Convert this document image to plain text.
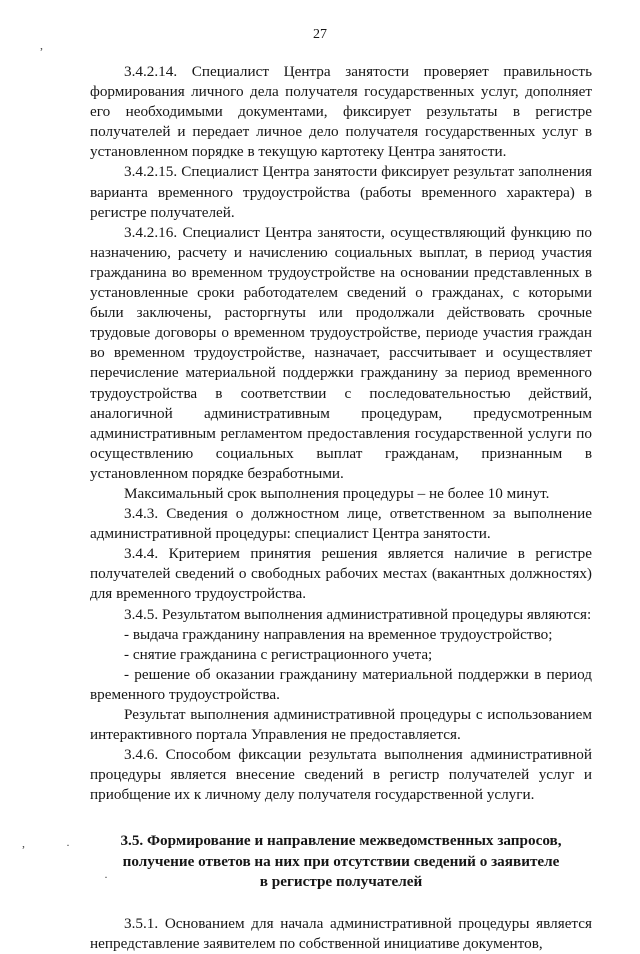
27

3.4.2.14. Специалист Центра занятости проверяет правильность формирования личного дела получателя государственных услуг, дополняет его необходимыми документами, фиксирует результаты в регистре получателей и передает личное дело получателя государственных услуг в установленном порядке в текущую картотеку Центра занятости.

3.4.2.15. Специалист Центра занятости фиксирует результат заполнения варианта временного трудоустройства (работы временного характера) в регистре получателей.

3.4.2.16. Специалист Центра занятости, осуществляющий функцию по назначению, расчету и начислению социальных выплат, в период участия гражданина во временном трудоустройстве на основании представленных в установленные сроки работодателем сведений о гражданах, с которыми были заключены, расторгнуты или продолжали действовать срочные трудовые договоры о временном трудоустройстве, периоде участия граждан во временном трудоустройстве, назначает, рассчитывает и осуществляет перечисление материальной поддержки гражданину за период временного трудоустройства в соответствии с последовательностью действий, аналогичной административным процедурам, предусмотренным административным регламентом предоставления государственной услуги по осуществлению социальных выплат гражданам, признанным в установленном порядке безработными.

Максимальный срок выполнения процедуры – не более 10 минут.

3.4.3. Сведения о должностном лице, ответственном за выполнение административной процедуры: специалист Центра занятости.

3.4.4. Критерием принятия решения является наличие в регистре получателей сведений о свободных рабочих местах (вакантных должностях) для временного трудоустройства.

3.4.5. Результатом выполнения административной процедуры являются:

- выдача гражданину направления на временное трудоустройство;

- снятие гражданина с регистрационного учета;

- решение об оказании гражданину материальной поддержки в период временного трудоустройства.

Результат выполнения административной процедуры с использованием интерактивного портала Управления не предоставляется.

3.4.6. Способом фиксации результата выполнения административной процедуры является внесение сведений в регистр получателей услуг и приобщение их к личному делу получателя государственной услуги.

3.5. Формирование и направление межведомственных запросов,
получение ответов на них при отсутствии сведений о заявителе
в регистре получателей

3.5.1. Основанием для начала административной процедуры является непредставление заявителем по собственной инициативе документов,

,
,	·
·
